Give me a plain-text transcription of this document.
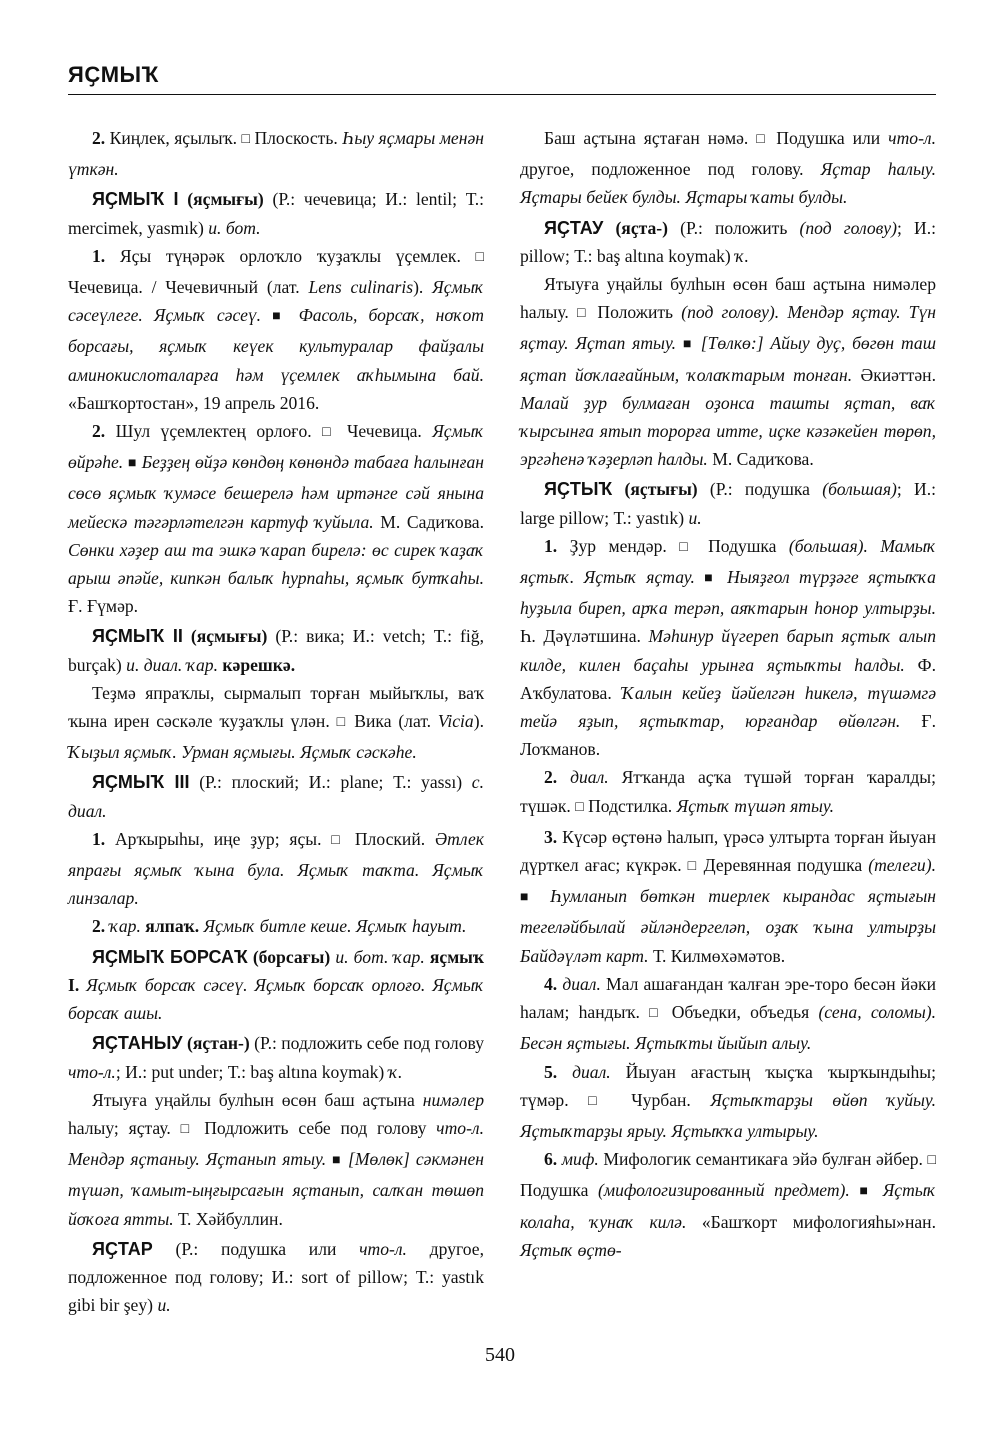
ЯҪМЫҠ

2. Киңлек, яҫылыҡ. □ Плоскость. Һыу яҫмары менән үткән.

ЯҪМЫҠ I (яҫмығы) (Р.: чечевица; И.: lentil; Т.: mercimek, yasmık) и. бот.

1. Яҫы түңәрәк орлоҡло ҡуҙаҡлы үҫемлек. □ Чечевица. / Чечевичный (лат. Lens culinaris). Яҫмыҡ сәсеүлеге. Яҫмыҡ сәсеү. ■ Фасоль, борсаҡ, ноҡот борсағы, яҫмыҡ кеүек культуралар файҙалы аминокислоталарға һәм үҫемлек аҡһымына бай. «Башҡортостан», 19 апрель 2016.

2. Шул үҫемлектең орлоғо. □ Чечевица. Яҫмыҡ өйрәһе. ■ Беҙҙең өйҙә көндөң көнөндә табаға һалынған сөсө яҫмыҡ ҡумәсе бешерелә һәм иртәнге сәй янына мейескә тәгәрләтелгән картуф ҡуйыла. М. Садиҡова. Сөнки хәҙер аш та эшкә ҡарап бирелә: өс сирек ҡаҙаҡ арыш әпәйе, кипкән балыҡ һурпаһы, яҫмыҡ бутҡаһы. Ғ. Ғүмәр.

ЯҪМЫҠ II (яҫмығы) (Р.: вика; И.: vetch; Т.: fiğ, burçak) и. диал. ҡар. кәрешкә.

Теҙмә япраҡлы, сырмалып торған мыйыҡлы, ваҡ ҡына ирен сәскәле ҡуҙаҡлы үлән. □ Вика (лат. Vicia). Ҡыҙыл яҫмыҡ. Урман яҫмығы. Яҫмыҡ сәскәһе.

ЯҪМЫҠ III (Р.: плоский; И.: plane; Т.: yassı) с. диал.

1. Арҡырыһы, иңе ҙур; яҫы. □ Плоский. Әтлек япрағы яҫмыҡ ҡына була. Яҫмыҡ таҡта. Яҫмыҡ линзалар.

2. ҡар. ялпаҡ. Яҫмыҡ битле кеше. Яҫмыҡ һауыт.

ЯҪМЫҠ БОРСАҠ (борсағы) и. бот. ҡар. яҫмыҡ I. Яҫмыҡ борсаҡ сәсеү. Яҫмыҡ борсаҡ орлоғо. Яҫмыҡ борсаҡ ашы.

ЯҪТАНЫУ (яҫтан-) (Р.: подложить себе под голову что-л.; И.: put under; Т.: baş altına koymak) ҡ.

Ятыуға уңайлы булһын өсөн баш аҫтына нимәлер һалыу; яҫтау. □ Подложить себе под голову что-л. Мендәр яҫтаныу. Яҫтанып ятыу. ■ [Мөлөк] сәкмәнен түшәп, ҡамыт-ыңғырсағын яҫтанып, салҡан төшөп йоҡоға ятты. Т. Хәйбуллин.

ЯҪТАР (Р.: подушка или что-л. другое, подложенное под голову; И.: sort of pillow; Т.: yastık gibi bir şey) и.

Баш аҫтына яҫтаған нәмә. □ Подушка или что-л. другое, подложенное под голову. Яҫтар һалыу. Яҫтары бейек булды. Яҫтары ҡаты булды.

ЯҪТАУ (яҫта-) (Р.: положить (под голову); И.: pillow; Т.: baş altına koymak) ҡ.

Ятыуға уңайлы булһын өсөн баш аҫтына нимәлер һалыу. □ Положить (под голову). Мендәр яҫтау. Түн яҫтау. Яҫтап ятыу. ■ [Төлкө:] Айыу дуҫ, бөгөн таш яҫтап йоҡлағайным, ҡолаҡтарым тонған. Әкиәттән. Малай ҙур булмаған оҙонса ташты яҫтап, ваҡ ҡырсынға ятып торорға итте, иҫке кәзәкейен төрөп, эргәһенә ҡәҙерләп һалды. М. Садиҡова.

ЯҪТЫҠ (яҫтығы) (Р.: подушка (большая); И.: large pillow; Т.: yastık) и.

1. Ҙур мендәр. □ Подушка (большая). Мамыҡ яҫтыҡ. Яҫтыҡ яҫтау. ■ Ныяҙғол түрҙәге яҫтыҡҡа һуҙыла биреп, арҡа терәп, аяҡтарын һонop ултырҙы. Һ. Дәүләтшина. Мәһинур йүгереп барып яҫтыҡ алып килде, килен баҫаһы урынға яҫтыҡты һалды. Ф. Аҡбулатова. Ҡалын кейеҙ йәйелгән һикелә, түшәмгә тейә яҙып, яҫтыҡтар, юрғандар өйөлгән. Ғ. Лоҡманов.

2. диал. Ятҡанда аҫҡа түшәй торған ҡаралды; түшәк. □ Подстилка. Яҫтыҡ түшәп ятыу.

3. Күсәр өҫтөнә һалып, үрәсә ултырта торған йыуан дүрткел ағас; күкрәк. □ Деревянная подушка (телеги). ■ Һумланып бөткән тиерлек кырандас яҫтығын тегеләйбылай әйләндергеләп, оҙаҡ ҡына ултырҙы Байдәүләт карт. Т. Килмөхәмәтов.

4. диал. Мал ашағандан ҡалған эре-торо бесән йәки һалам; һандыҡ. □ Объедки, объедья (сена, соломы). Бесән яҫтығы. Яҫтыҡты йыйып алыу.

5. диал. Йыуан ағастың ҡыҫҡа ҡырҡындыһы; түмәр. □ Чурбан. Яҫтыҡтарҙы өйөп ҡуйыу. Яҫтыҡтарҙы ярыу. Яҫтыҡҡа ултырыу.

6. миф. Мифологик семантикаға эйә булған әйбер. □ Подушка (мифологизированный предмет). ■ Яҫтыҡ колаһа, ҡунаҡ килә. «Башҡорт мифологияһы»нан. Яҫтыҡ өҫтө-

540
